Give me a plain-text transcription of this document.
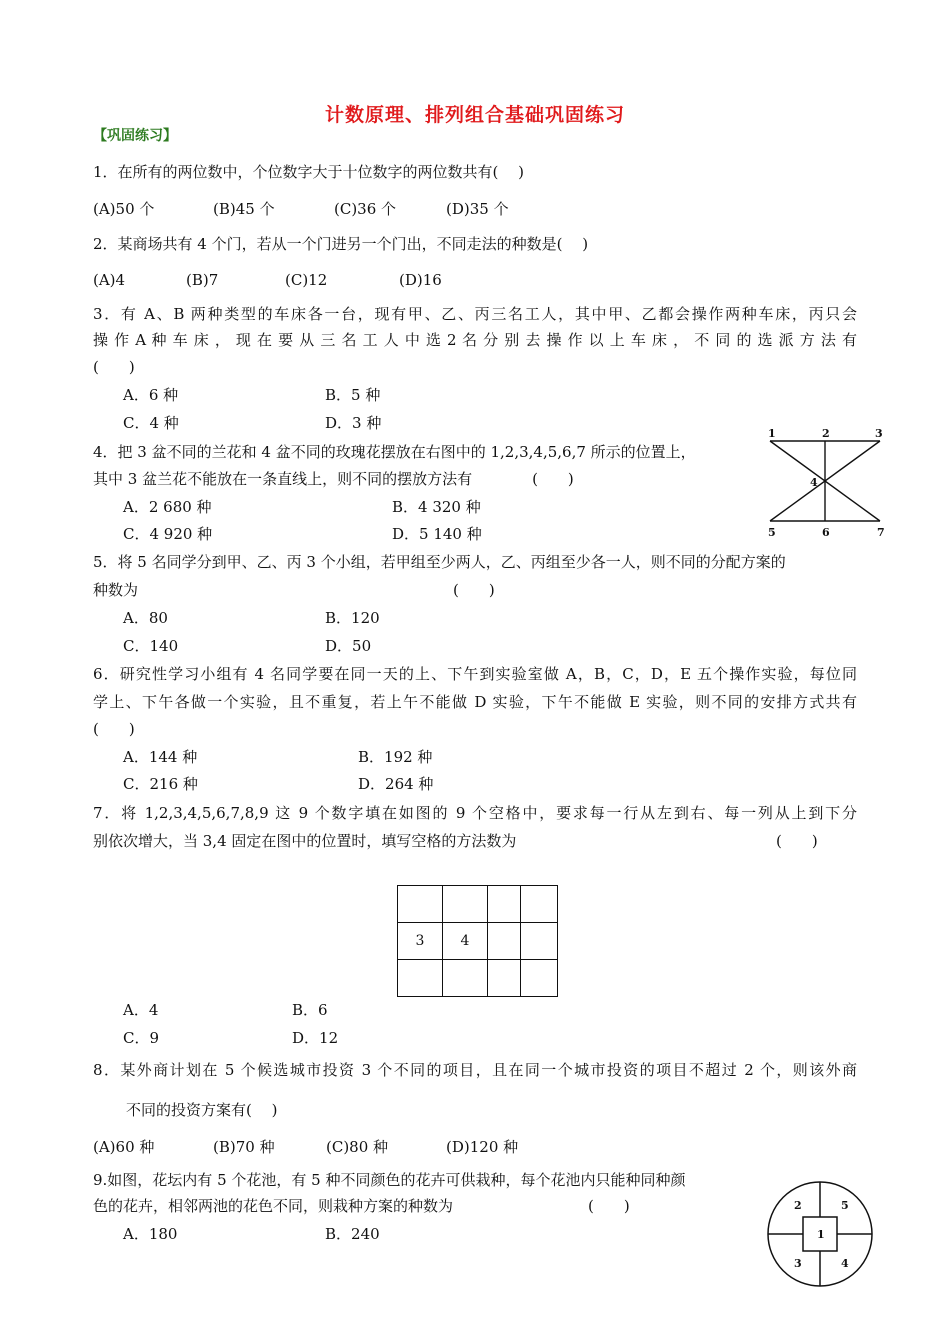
计数原理、排列组合基础巩固练习
【巩固练习】
1．在所有的两位数中，个位数字大于十位数字的两位数共有(　 )
(A)50 个	(B)45 个	(C)36 个	(D)35 个
2．某商场共有 4 个门，若从一个门进另一个门出，不同走法的种数是(　 )
(A)4	(B)7	(C)12	(D)16
3．有 A、B 两种类型的车床各一台，现有甲、乙、丙三名工人，其中甲、乙都会操作两种车床，丙只会
操 作 A 种 车 床 ， 现 在 要 从 三 名 工 人 中 选 2 名 分 别 去 操 作 以 上 车 床 ， 不 同 的 选 派 方 法 有
(　　)
A．6 种	B．5 种
C．4 种	D．3 种
4．把 3 盆不同的兰花和 4 盆不同的玫瑰花摆放在右图中的 1,2,3,4,5,6,7 所示的位置上，
其中 3 盆兰花不能放在一条直线上，则不同的摆放方法有　　　　(　　)
A．2 680 种	B．4 320 种
C．4 920 种	D．5 140 种
1	2	3
4
5	6	7
5．将 5 名同学分到甲、乙、丙 3 个小组，若甲组至少两人，乙、丙组至少各一人，则不同的分配方案的
种数为　　　　　　　　　　　　　　　　　　　　　(　　)
A．80	B．120
C．140	D．50
6．研究性学习小组有 4 名同学要在同一天的上、下午到实验室做 A，B，C，D，E 五个操作实验，每位同
学上、下午各做一个实验，且不重复，若上午不能做 D 实验，下午不能做 E 实验，则不同的安排方式共有
(　　)
A．144 种	B．192 种
C．216 种	D．264 种
7．将 1,2,3,4,5,6,7,8,9 这 9 个数字填在如图的 9 个空格中，要求每一行从左到右、每一列从上到下分
别依次增大，当 3,4 固定在图中的位置时，填写空格的方法数为	(　　)

3	4		

A．4	B．6
C．9	D．12
8．某外商计划在 5 个候选城市投资 3 个不同的项目，且在同一个城市投资的项目不超过 2 个，则该外商
不同的投资方案有(　 )
(A)60 种	(B)70 种	(C)80 种	(D)120 种
9.如图，花坛内有 5 个花池，有 5 种不同颜色的花卉可供栽种，每个花池内只能种同种颜
色的花卉，相邻两池的花色不同，则栽种方案的种数为　　　　　　　　　(　　)
A．180	B．240	1
2
3	4
5
